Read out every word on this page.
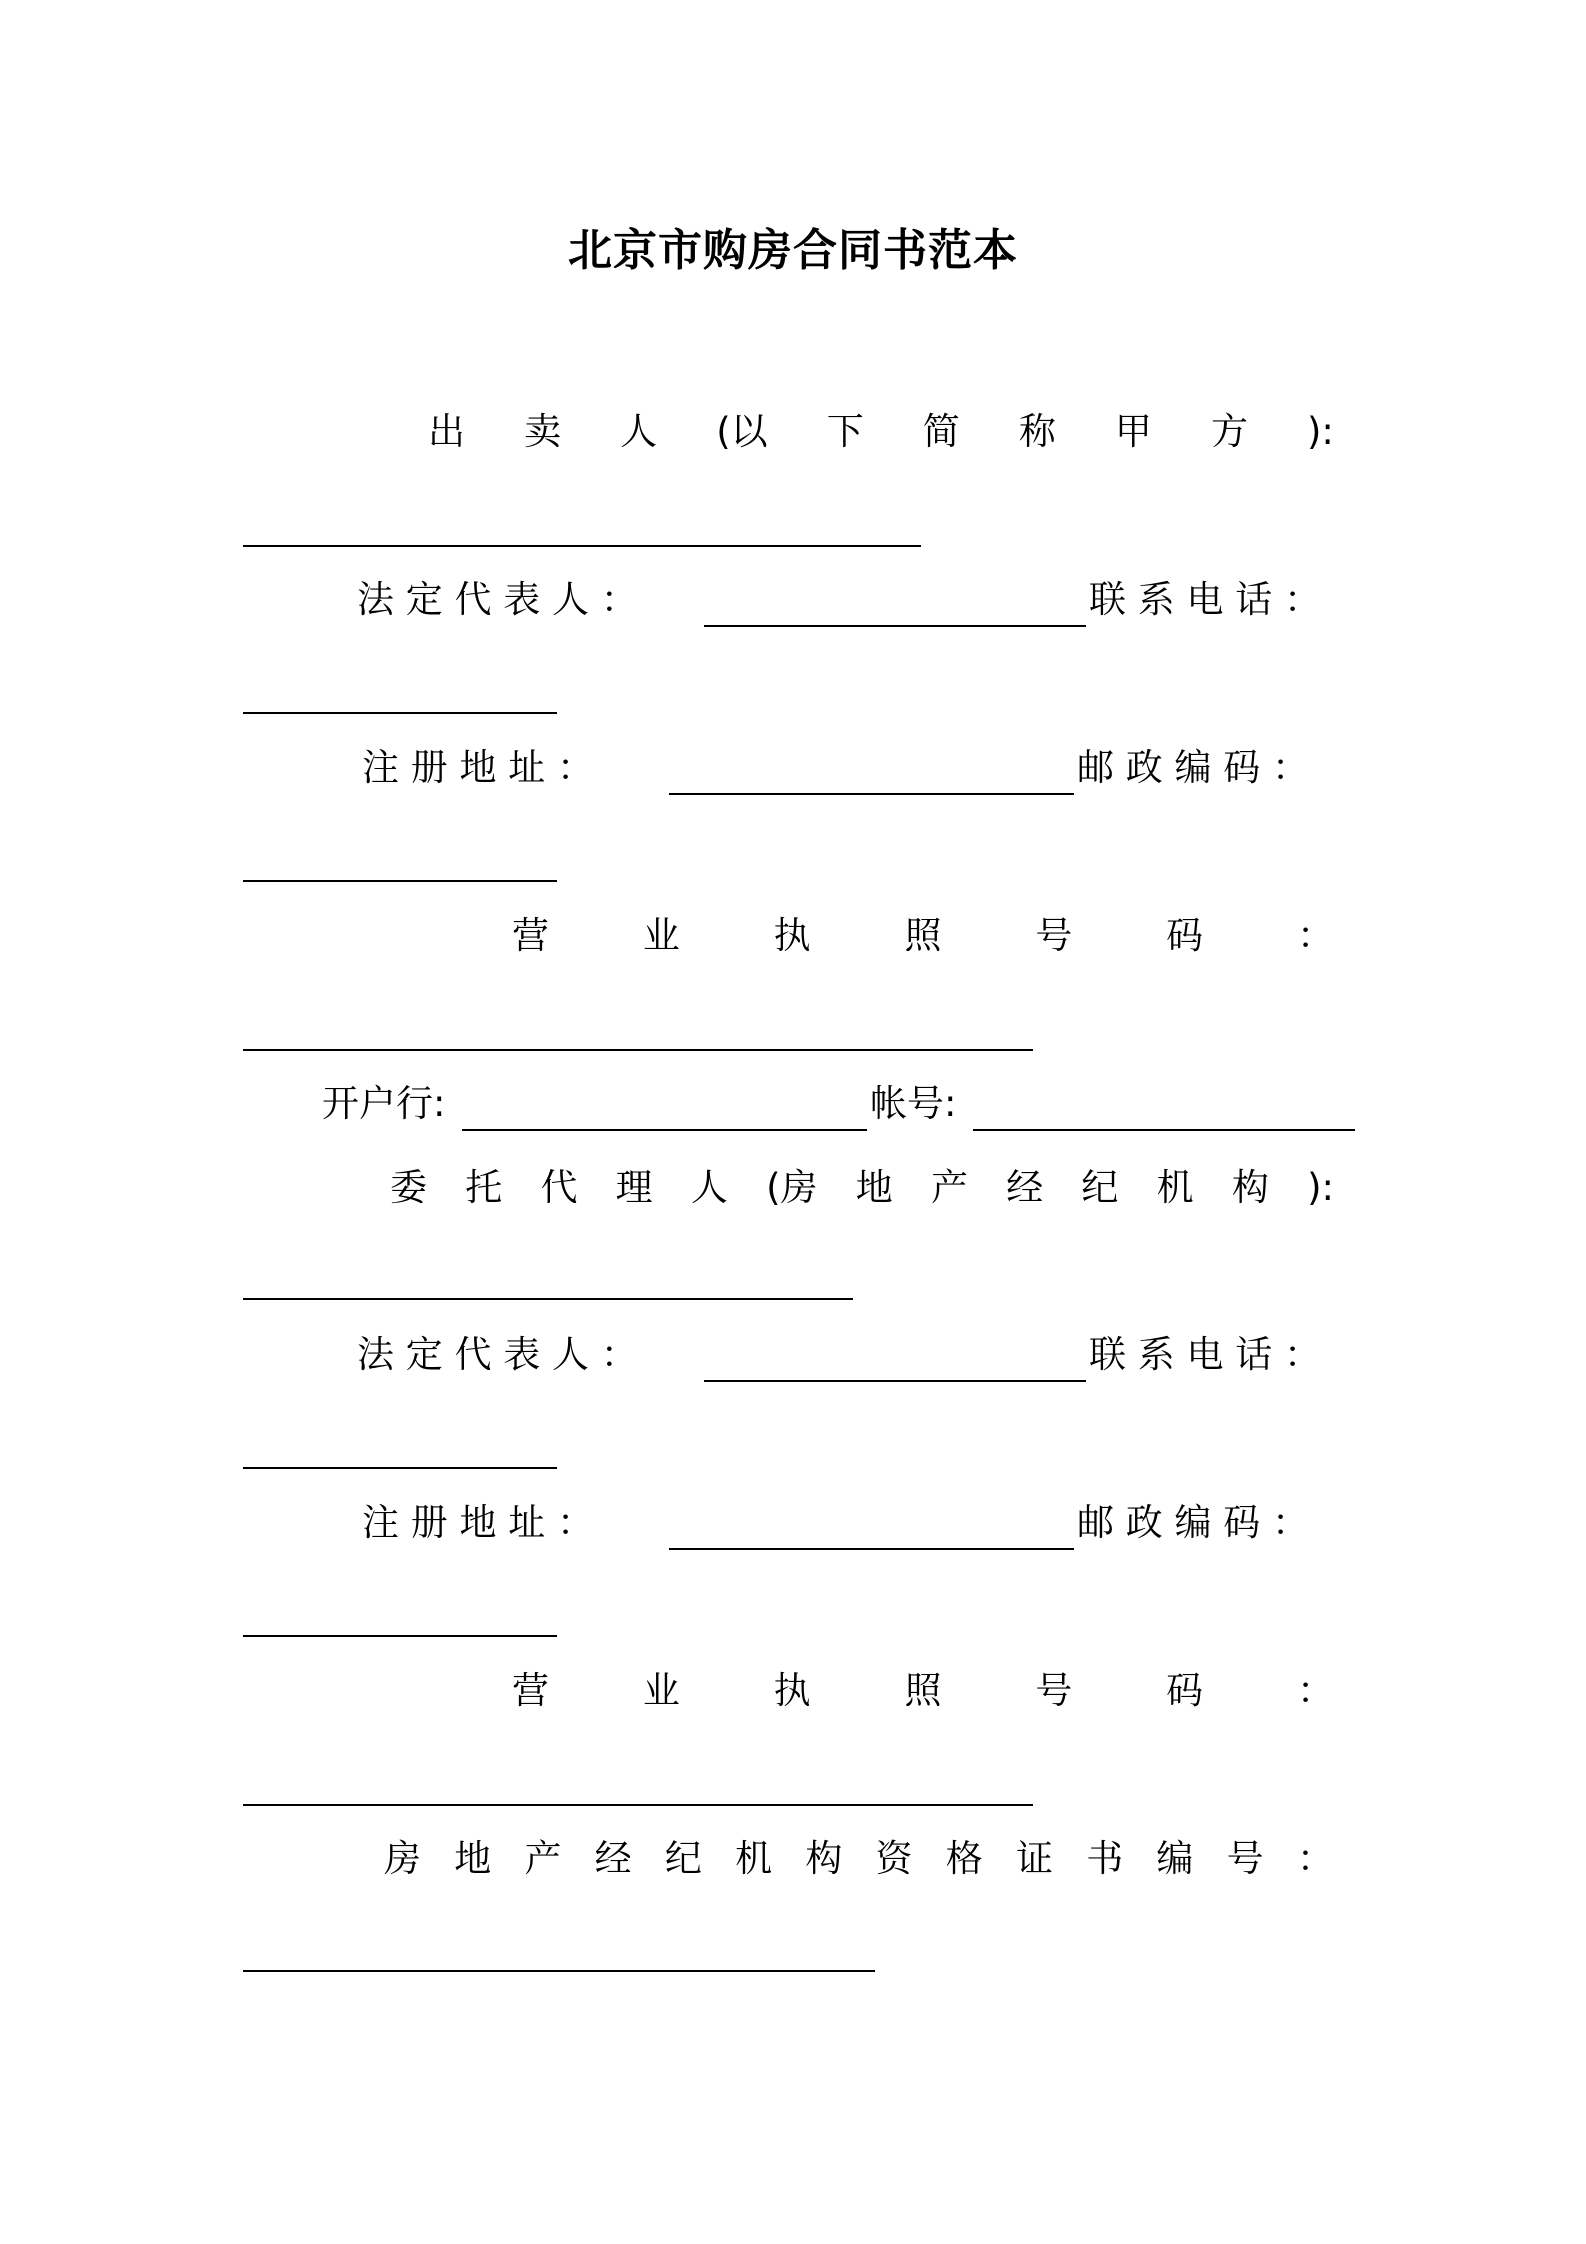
北京市购房合同书范本
出 卖 人 (以 下 简 称 甲 方 ):
法 定 代 表 人 ：	联 系 电 话 ：
注 册 地 址 ：	邮 政 编 码 ：
营	业	执	照	号	码	：
开户行:	帐号:
委 托 代 理 人 (房 地 产 经 纪 机 构 ):
法 定 代 表 人 ：	联 系 电 话 ：
注 册 地 址 ：	邮 政 编 码 ：
营	业	执	照	号	码	：
房 地 产 经 纪 机 构 资 格 证 书 编 号 ：
